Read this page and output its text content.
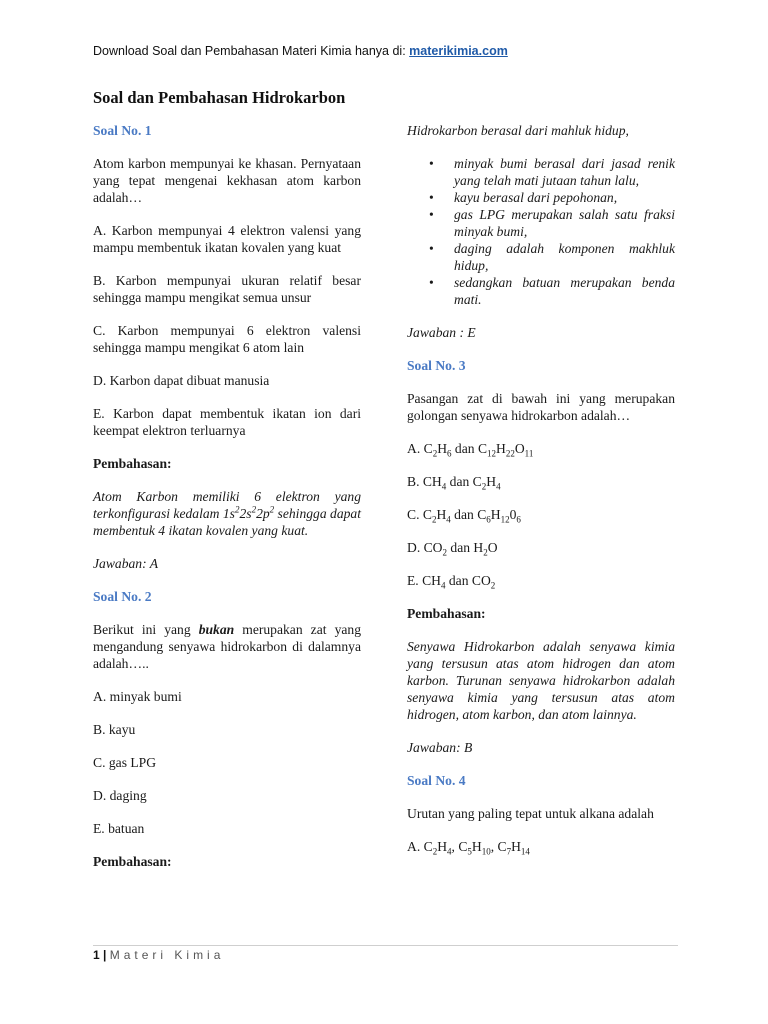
Download Soal dan Pembahasan Materi Kimia hanya di: materikimia.com
Soal dan Pembahasan Hidrokarbon
Soal No. 1
Atom karbon mempunyai ke khasan. Pernyataan yang tepat mengenai kekhasan atom karbon adalah…
A. Karbon mempunyai 4 elektron valensi yang mampu membentuk ikatan kovalen yang kuat
B. Karbon mempunyai ukuran relatif besar sehingga mampu mengikat semua unsur
C. Karbon mempunyai 6 elektron valensi sehingga mampu mengikat 6 atom lain
D. Karbon dapat dibuat manusia
E. Karbon dapat membentuk ikatan ion dari keempat elektron terluarnya
Pembahasan:
Atom Karbon memiliki 6 elektron yang terkonfigurasi kedalam $1s^22s^22p^2$ sehingga dapat membentuk 4 ikatan kovalen yang kuat.
Jawaban: A
Soal No. 2
Berikut ini yang bukan merupakan zat yang mengandung senyawa hidrokarbon di dalamnya adalah…..
A. minyak bumi
B. kayu
C. gas LPG
D. daging
E. batuan
Pembahasan:
Hidrokarbon berasal dari mahluk hidup,
• minyak bumi berasal dari jasad renik yang telah mati jutaan tahun lalu,
• kayu berasal dari pepohonan,
• gas LPG merupakan salah satu fraksi minyak bumi,
• daging adalah komponen makhluk hidup,
• sedangkan batuan merupakan benda mati.
Jawaban : E
Soal No. 3
Pasangan zat di bawah ini yang merupakan golongan senyawa hidrokarbon adalah…
A. $C_2H_6$ dan $C_{12}H_{22}O_{11}$
B. $CH_4$ dan $C_2H_4$
C. $C_2H_4$ dan $C_6H_{12}0_6$
D. $CO_2$ dan $H_2O$
E. $CH_4$ dan $CO_2$
Pembahasan:
Senyawa Hidrokarbon adalah senyawa kimia yang tersusun atas atom hidrogen dan atom karbon. Turunan senyawa hidrokarbon adalah senyawa kimia yang tersusun atas atom hidrogen, atom karbon, dan atom lainnya.
Jawaban: B
Soal No. 4
Urutan yang paling tepat untuk alkana adalah
A. $C_2H_4$, $C_5H_{10}$, $C_7H_{14}$
1 | Materi Kimia
